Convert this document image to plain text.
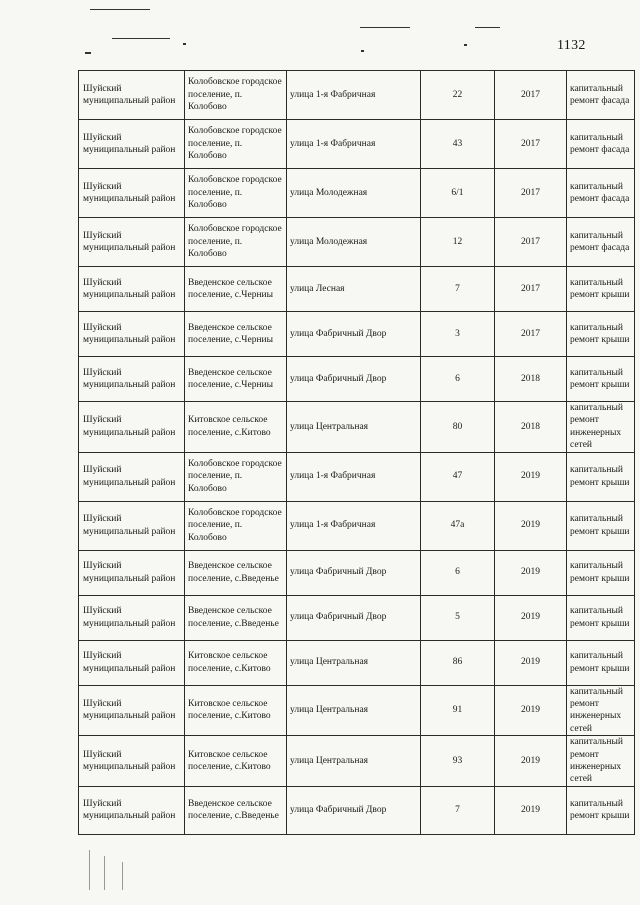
1132
Шуйский муниципальный район	Колобовское городское поселение, п. Колобово	улица 1-я Фабричная	22	2017	капитальный ремонт фасада
Шуйский муниципальный район	Колобовское городское поселение, п. Колобово	улица 1-я Фабричная	43	2017	капитальный ремонт фасада
Шуйский муниципальный район	Колобовское городское поселение, п. Колобово	улица Молодежная	6/1	2017	капитальный ремонт фасада
Шуйский муниципальный район	Колобовское городское поселение, п. Колобово	улица Молодежная	12	2017	капитальный ремонт фасада
Шуйский муниципальный район	Введенское сельское поселение, с.Черниы	улица Лесная	7	2017	капитальный ремонт крыши
Шуйский муниципальный район	Введенское сельское поселение, с.Черниы	улица Фабричный Двор	3	2017	капитальный ремонт крыши
Шуйский муниципальный район	Введенское сельское поселение, с.Черниы	улица Фабричный Двор	6	2018	капитальный ремонт крыши
Шуйский муниципальный район	Китовское сельское поселение, с.Китово	улица Центральная	80	2018	капитальный ремонт инженерных сетей
Шуйский муниципальный район	Колобовское городское поселение, п. Колобово	улица 1-я Фабричная	47	2019	капитальный ремонт крыши
Шуйский муниципальный район	Колобовское городское поселение, п. Колобово	улица 1-я Фабричная	47а	2019	капитальный ремонт крыши
Шуйский муниципальный район	Введенское сельское поселение, с.Введенье	улица Фабричный Двор	6	2019	капитальный ремонт крыши
Шуйский муниципальный район	Введенское сельское поселение, с.Введенье	улица Фабричный Двор	5	2019	капитальный ремонт крыши
Шуйский муниципальный район	Китовское сельское поселение, с.Китово	улица Центральная	86	2019	капитальный ремонт крыши
Шуйский муниципальный район	Китовское сельское поселение, с.Китово	улица Центральная	91	2019	капитальный ремонт инженерных сетей
Шуйский муниципальный район	Китовское сельское поселение, с.Китово	улица Центральная	93	2019	капитальный ремонт инженерных сетей
Шуйский муниципальный район	Введенское сельское поселение, с.Введенье	улица Фабричный Двор	7	2019	капитальный ремонт крыши
